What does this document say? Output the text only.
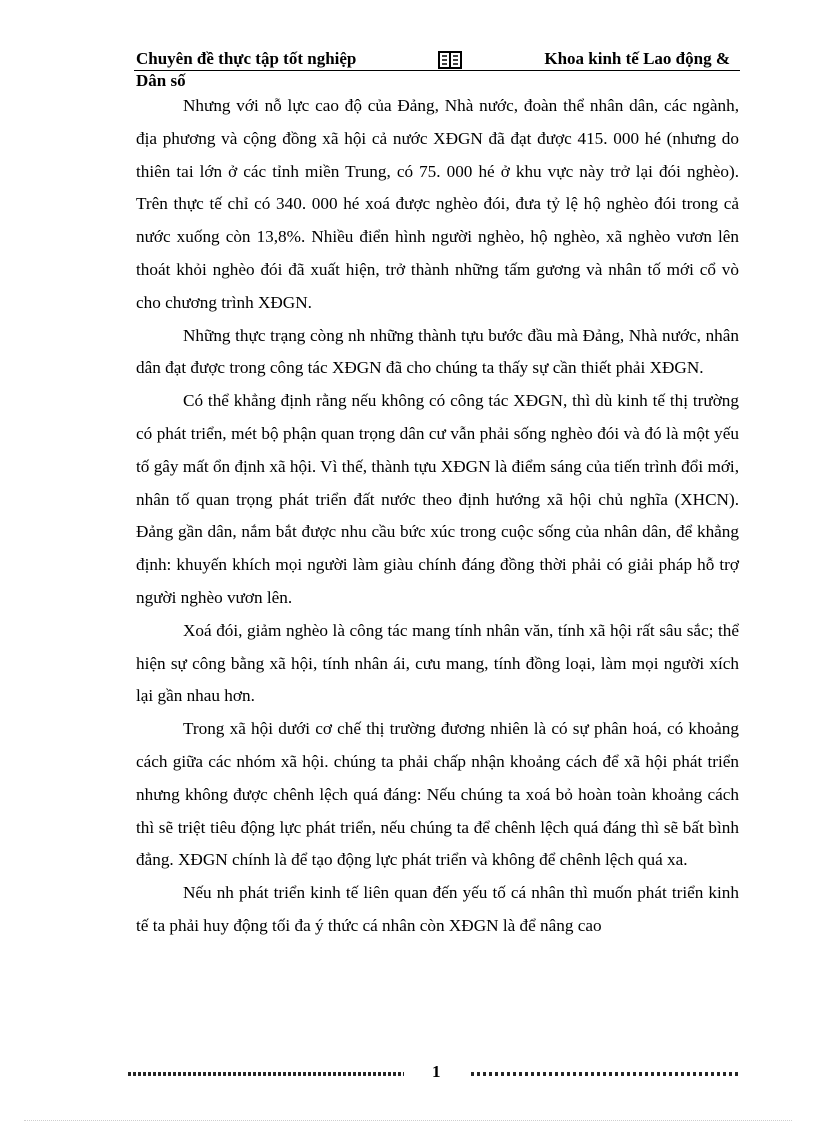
Chuyên đề thực tập tốt nghiệp	Khoa kinh tế Lao động &
Dân số

Nhưng với nỗ lực cao độ của Đảng, Nhà nước, đoàn thể nhân dân, các ngành, địa phương và cộng đồng xã hội cả nước XĐGN đã đạt được 415. 000 hé (nhưng do thiên tai lớn ở các tỉnh miền Trung, có 75. 000 hé ở khu vực này trở lại đói nghèo). Trên thực tế chỉ có 340. 000 hé xoá được nghèo đói, đưa tỷ lệ hộ nghèo đói trong cả nước xuống còn 13,8%. Nhiều điển hình người nghèo, hộ nghèo, xã nghèo vươn lên thoát khỏi nghèo đói đã xuất hiện, trở thành những tấm gương và nhân tố mới cổ vò cho chương trình XĐGN.

Những thực trạng còng nh những thành tựu bước đầu mà Đảng, Nhà nước, nhân dân đạt được trong công tác XĐGN đã cho chúng ta thấy sự cần thiết phải XĐGN.

Có thể khẳng định rằng nếu không có công tác XĐGN, thì dù kinh tế thị trường có phát triển, mét bộ phận quan trọng dân cư vẫn phải sống nghèo đói và đó là một yếu tố gây mất ổn định xã hội. Vì thế, thành tựu XĐGN là điểm sáng của tiến trình đổi mới, nhân tố quan trọng phát triển đất nước theo định hướng xã hội chủ nghĩa (XHCN). Đảng gần dân, nắm bắt được nhu cầu bức xúc trong cuộc sống của nhân dân, để khẳng định: khuyến khích mọi người làm giàu chính đáng đồng thời phải có giải pháp hỗ trợ người nghèo vươn lên.

Xoá đói, giảm nghèo là công tác mang tính nhân văn, tính xã hội rất sâu sắc; thể hiện sự công bằng xã hội, tính nhân ái, cưu mang, tính đồng loại, làm mọi người xích lại gần nhau hơn.

Trong xã hội dưới cơ chế thị trường đương nhiên là có sự phân hoá, có khoảng cách giữa các nhóm xã hội. chúng ta phải chấp nhận khoảng cách để xã hội phát triển nhưng không được chênh lệch quá đáng: Nếu chúng ta xoá bỏ hoàn toàn khoảng cách thì sẽ triệt tiêu động lực phát triển, nếu chúng ta để chênh lệch quá đáng thì sẽ bất bình đẳng. XĐGN chính là để tạo động lực phát triển và không để chênh lệch quá xa.

Nếu nh phát triển kinh tế liên quan đến yếu tố cá nhân thì muốn phát triển kinh tế ta phải huy động tối đa ý thức cá nhân còn XĐGN là để nâng cao

1
